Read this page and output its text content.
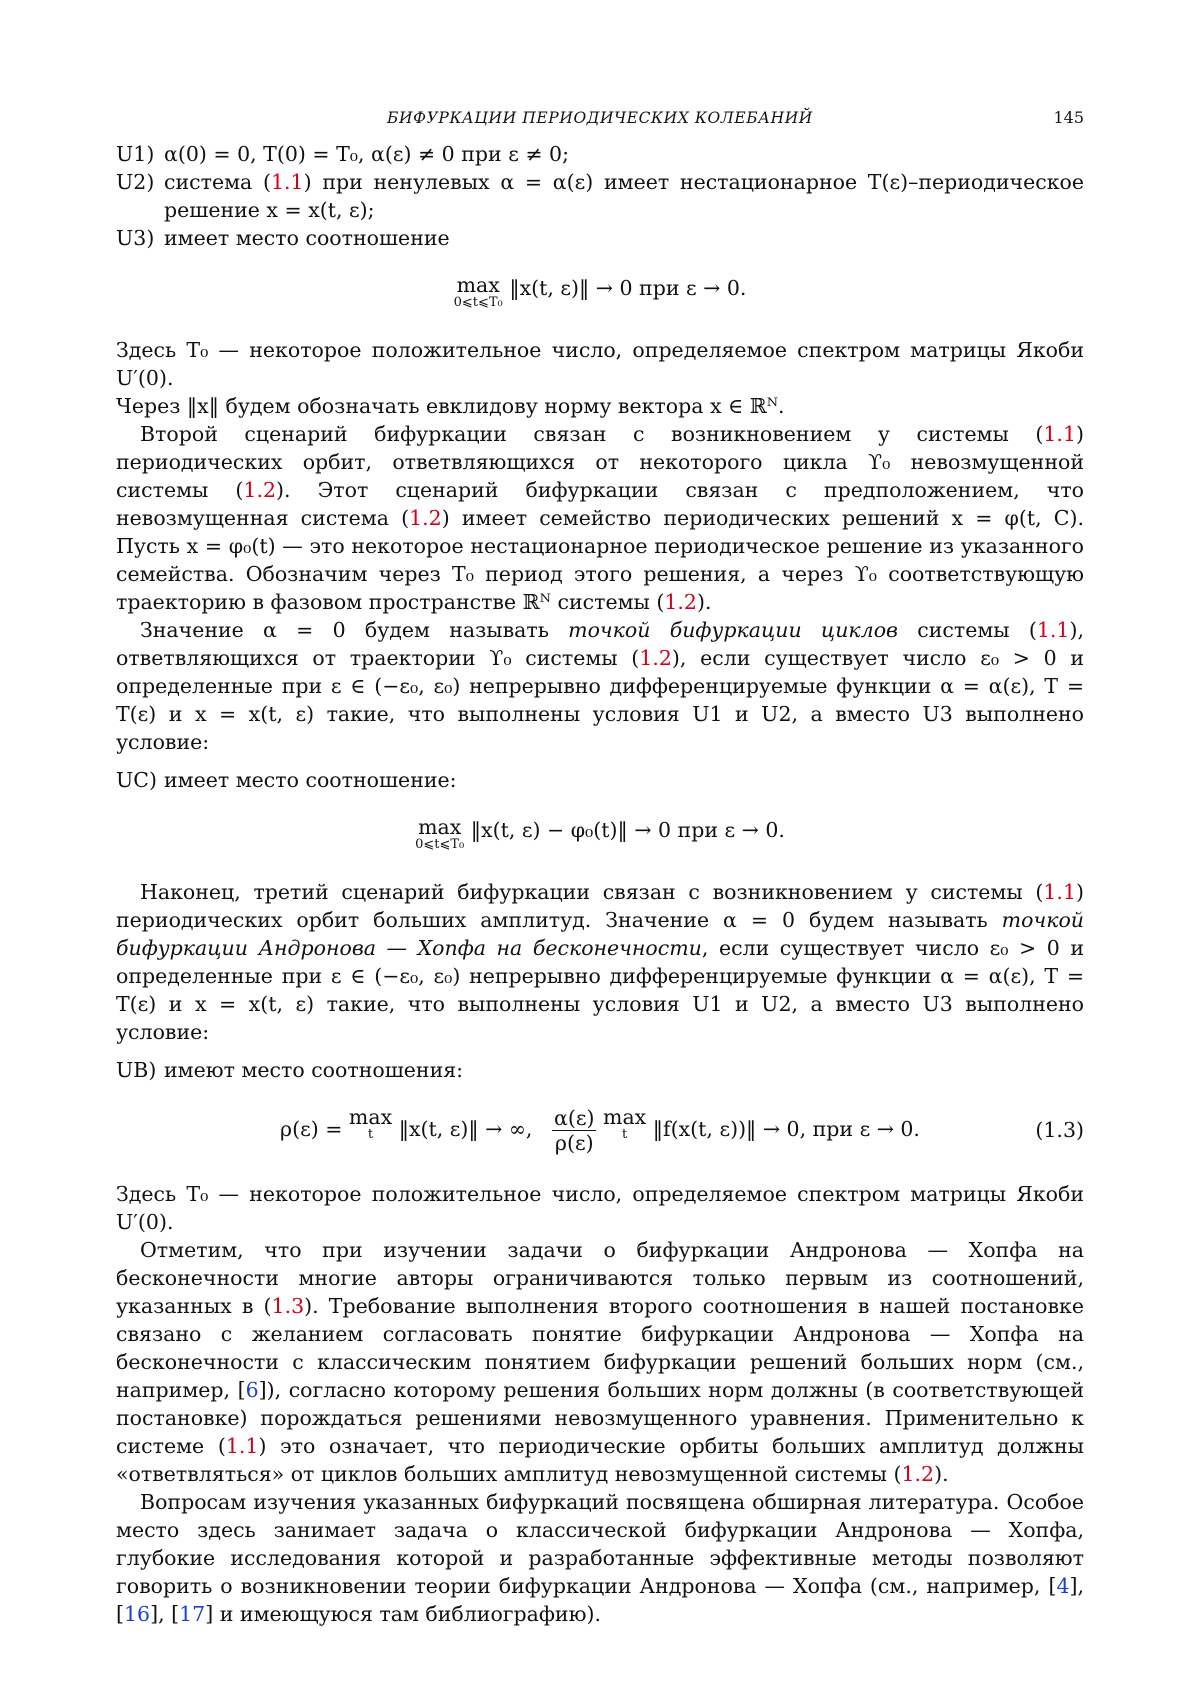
БИФУРКАЦИИ ПЕРИОДИЧЕСКИХ КОЛЕБАНИЙ	145
U1) α(0) = 0, T(0) = T₀, α(ε) ≠ 0 при ε ≠ 0;
U2) система (1.1) при ненулевых α = α(ε) имеет нестационарное T(ε)–периодическое решение x = x(t, ε);
U3) имеет место соотношение
max
0⩽t⩽T₀
‖x(t, ε)‖ → 0 при ε → 0.

Здесь T₀ — некоторое положительное число, определяемое спектром матрицы Якоби U′(0).
Через ‖x‖ будем обозначать евклидову норму вектора x ∈ ℝᴺ.

Второй сценарий бифуркации связан с возникновением у системы (1.1) периодических орбит, ответвляющихся от некоторого цикла ϒ₀ невозмущенной системы (1.2). Этот сценарий бифуркации связан с предположением, что невозмущенная система (1.2) имеет семейство периодических решений x = φ(t, C). Пусть x = φ₀(t) — это некоторое нестационарное периодическое решение из указанного семейства. Обозначим через T₀ период этого решения, а через ϒ₀ соответствующую траекторию в фазовом пространстве ℝᴺ системы (1.2).

Значение α = 0 будем называть точкой бифуркации циклов системы (1.1), ответвляющихся от траектории ϒ₀ системы (1.2), если существует число ε₀ > 0 и определенные при ε ∈ (−ε₀, ε₀) непрерывно дифференцируемые функции α = α(ε), T = T(ε) и x = x(t, ε) такие, что выполнены условия U1 и U2, а вместо U3 выполнено условие:

UC) имеет место соотношение:
max
0⩽t⩽T₀
‖x(t, ε) − φ₀(t)‖ → 0 при ε → 0.

Наконец, третий сценарий бифуркации связан с возникновением у системы (1.1) периодических орбит больших амплитуд. Значение α = 0 будем называть точкой бифуркации Андронова — Хопфа на бесконечности, если существует число ε₀ > 0 и определенные при ε ∈ (−ε₀, ε₀) непрерывно дифференцируемые функции α = α(ε), T = T(ε) и x = x(t, ε) такие, что выполнены условия U1 и U2, а вместо U3 выполнено условие:

UB) имеют место соотношения:
ρ(ε) = max
t	‖x(t, ε)‖ → ∞, $\frac{\alpha(\varepsilon)}{\rho(\varepsilon)}$ max
t	‖f(x(t, ε))‖ → 0, при ε → 0.	(1.3)

Здесь T₀ — некоторое положительное число, определяемое спектром матрицы Якоби U′(0).

Отметим, что при изучении задачи о бифуркации Андронова — Хопфа на бесконечности многие авторы ограничиваются только первым из соотношений, указанных в (1.3). Требование выполнения второго соотношения в нашей постановке связано с желанием согласовать понятие бифуркации Андронова — Хопфа на бесконечности с классическим понятием бифуркации решений больших норм (см., например, [6]), согласно которому решения больших норм должны (в соответствующей постановке) порождаться решениями невозмущенного уравнения. Применительно к системе (1.1) это означает, что периодические орбиты больших амплитуд должны «ответвляться» от циклов больших амплитуд невозмущенной системы (1.2).

Вопросам изучения указанных бифуркаций посвящена обширная литература. Особое место здесь занимает задача о классической бифуркации Андронова — Хопфа, глубокие исследования которой и разработанные эффективные методы позволяют говорить о возникновении теории бифуркации Андронова — Хопфа (см., например, [4], [16], [17] и имеющуюся там библиографию).
